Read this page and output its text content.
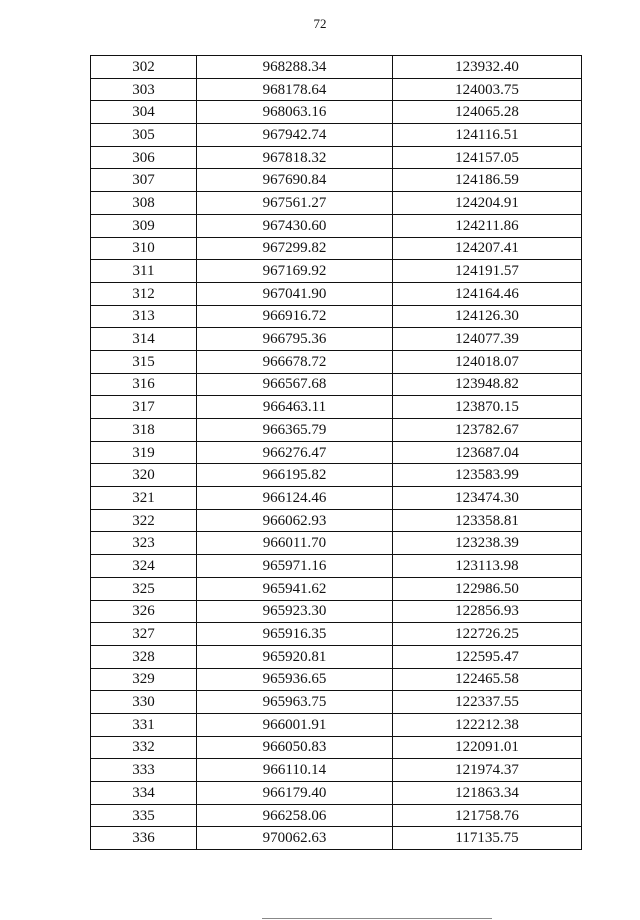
72
302	968288.34	123932.40
303	968178.64	124003.75
304	968063.16	124065.28
305	967942.74	124116.51
306	967818.32	124157.05
307	967690.84	124186.59
308	967561.27	124204.91
309	967430.60	124211.86
310	967299.82	124207.41
311	967169.92	124191.57
312	967041.90	124164.46
313	966916.72	124126.30
314	966795.36	124077.39
315	966678.72	124018.07
316	966567.68	123948.82
317	966463.11	123870.15
318	966365.79	123782.67
319	966276.47	123687.04
320	966195.82	123583.99
321	966124.46	123474.30
322	966062.93	123358.81
323	966011.70	123238.39
324	965971.16	123113.98
325	965941.62	122986.50
326	965923.30	122856.93
327	965916.35	122726.25
328	965920.81	122595.47
329	965936.65	122465.58
330	965963.75	122337.55
331	966001.91	122212.38
332	966050.83	122091.01
333	966110.14	121974.37
334	966179.40	121863.34
335	966258.06	121758.76
336	970062.63	117135.75
